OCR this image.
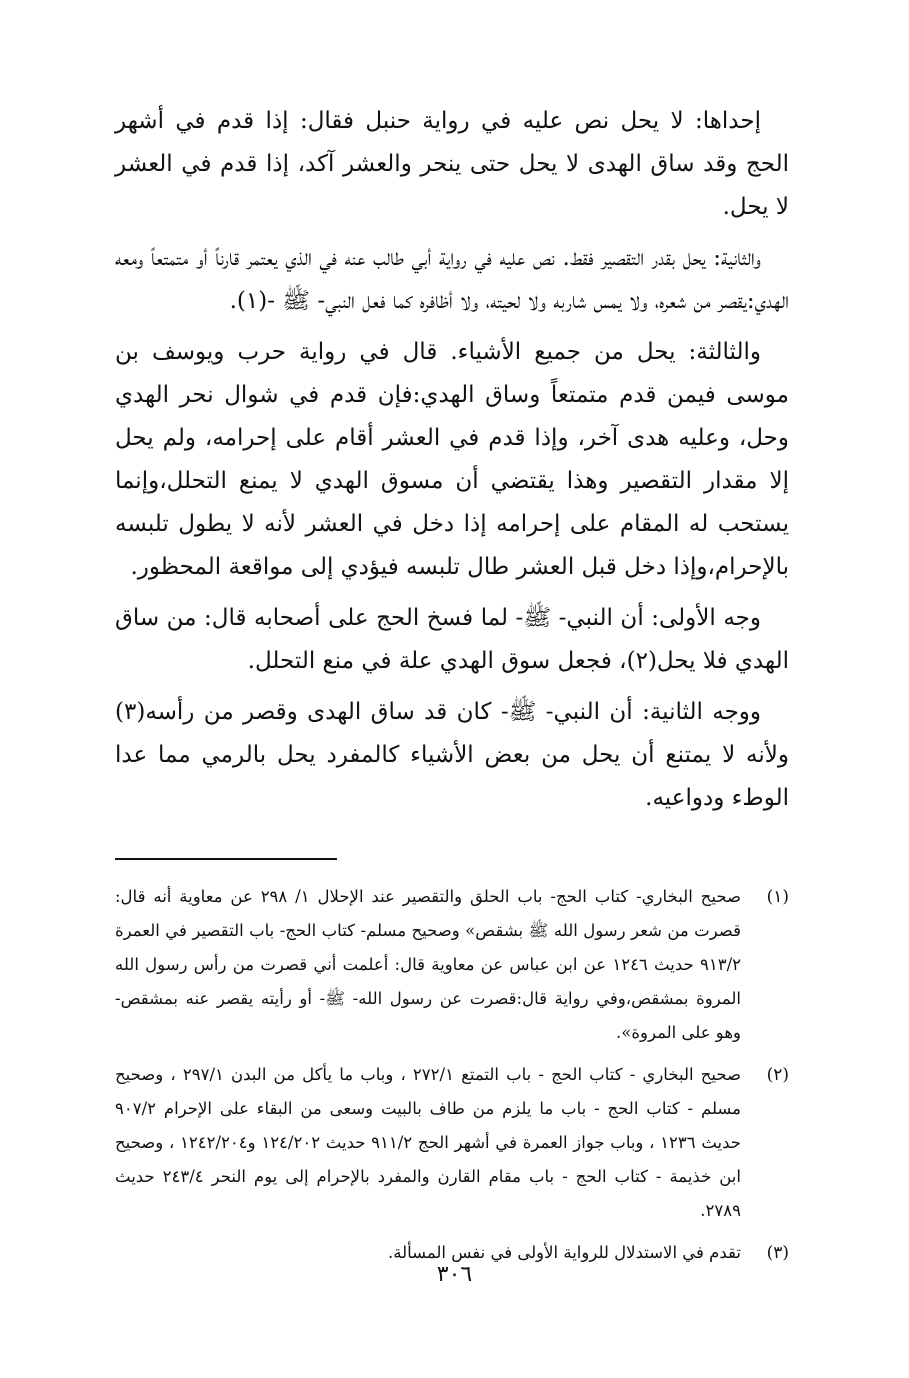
إحداها: لا يحل نص عليه في رواية حنبل فقال: إذا قدم في أشهر الحج وقد ساق الهدى لا يحل حتى ينحر والعشر آكد، إذا قدم في العشر لا يحل.

والثانية: يحل بقدر التقصير فقط. نص عليه في رواية أبي طالب عنه في الذي يعتمر قارناً أو متمتعاً ومعه الهدي:يقصر من شعره، ولا يمس شاربه ولا لحيته، ولا أظافره كما فعل النبي- ﷺ -(١).

والثالثة: يحل من جميع الأشياء. قال في رواية حرب ويوسف بن موسى فيمن قدم متمتعاً وساق الهدي:فإن قدم في شوال نحر الهدي وحل، وعليه هدى آخر، وإذا قدم في العشر أقام على إحرامه، ولم يحل إلا مقدار التقصير وهذا يقتضي أن مسوق الهدي لا يمنع التحلل،وإنما يستحب له المقام على إحرامه إذا دخل في العشر لأنه لا يطول تلبسه بالإحرام،وإذا دخل قبل العشر طال تلبسه فيؤدي إلى مواقعة المحظور.

وجه الأولى: أن النبي- ﷺ- لما فسخ الحج على أصحابه قال: من ساق الهدي فلا يحل(٢)، فجعل سوق الهدي علة في منع التحلل.

ووجه الثانية: أن النبي- ﷺ- كان قد ساق الهدى وقصر من رأسه(٣) ولأنه لا يمتنع أن يحل من بعض الأشياء كالمفرد يحل بالرمي مما عدا الوطء ودواعيه.

(١)

صحيح البخاري- كتاب الحج- باب الحلق والتقصير عند الإحلال ١/ ٢٩٨ عن معاوية أنه قال: قصرت من شعر رسول الله ﷺ بشقص» وصحيح مسلم- كتاب الحج- باب التقصير في العمرة ٩١٣/٢ حديث ١٢٤٦ عن ابن عباس عن معاوية قال: أعلمت أني قصرت من رأس رسول الله المروة بمشقص،وفي رواية قال:قصرت عن رسول الله- ﷺ- أو رأيته يقصر عنه بمشقص- وهو على المروة».

(٢)

صحيح البخاري - كتاب الحج - باب التمتع ٢٧٢/١ ، وباب ما يأكل من البدن ٢٩٧/١ ، وصحيح مسلم - كتاب الحج - باب ما يلزم من طاف بالبيت وسعى من البقاء على الإحرام ٩٠٧/٢ حديث ١٢٣٦ ، وباب جواز العمرة في أشهر الحج ٩١١/٢ حديث ١٢٤/٢٠٢ و١٢٤٢/٢٠٤ ، وصحيح ابن خذيمة - كتاب الحج - باب مقام القارن والمفرد بالإحرام إلى يوم النحر ٢٤٣/٤ حديث ٢٧٨٩.

(٣)

تقدم في الاستدلال للرواية الأولى في نفس المسألة.

٣٠٦
